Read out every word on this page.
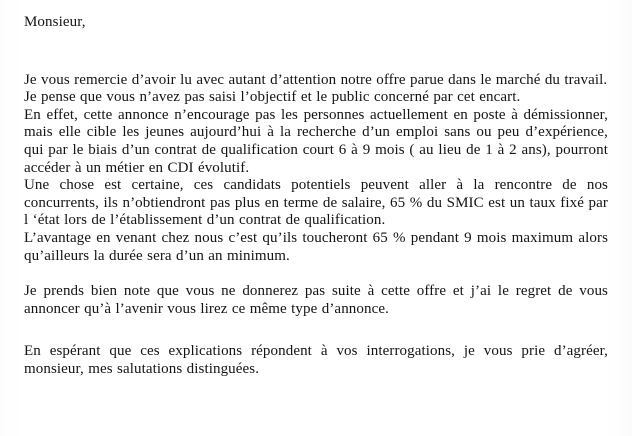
Monsieur,

Je vous remercie d’avoir lu avec autant d’attention notre offre parue dans le marché du travail.

Je pense que vous n’avez pas saisi l’objectif et le public concerné par cet encart.

En effet, cette annonce n’encourage pas les personnes actuellement en poste à démissionner, mais elle cible les jeunes aujourd’hui à la recherche d’un emploi sans ou peu d’expérience, qui par le biais d’un contrat de qualification court 6 à 9 mois ( au lieu de 1 à 2 ans), pourront accéder à un métier en CDI évolutif.

Une chose est certaine, ces candidats potentiels peuvent aller à la rencontre de nos concurrents, ils n’obtiendront pas plus en terme de salaire, 65 % du SMIC est un taux fixé par l ‘état lors de l’établissement d’un contrat de qualification.

L’avantage en venant chez nous c’est qu’ils toucheront 65 % pendant 9 mois maximum alors qu’ailleurs la durée sera d’un an minimum.

Je prends bien note que vous ne donnerez pas suite à cette offre et j’ai le regret de vous annoncer qu’à l’avenir vous lirez ce même type d’annonce.

En espérant que ces explications répondent à vos interrogations, je vous prie d’agréer, monsieur, mes salutations distinguées.
